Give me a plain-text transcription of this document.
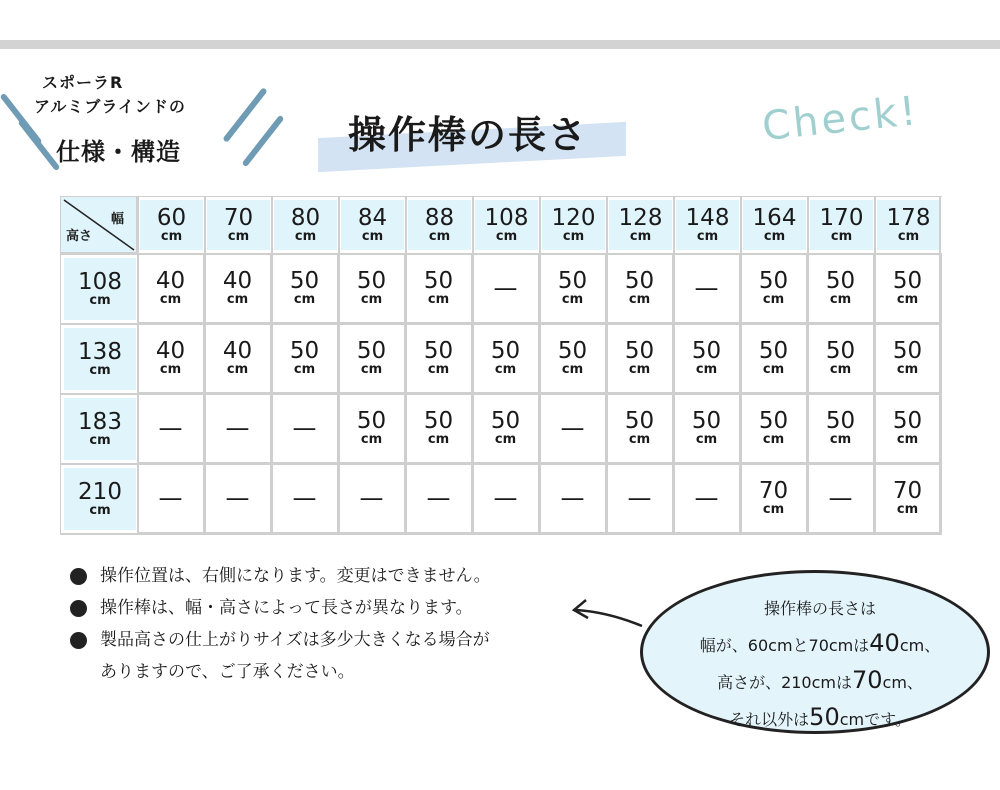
スポーラR
アルミブラインドの
仕様・構造	操作棒の長さ	Check!
幅
高さ
60
cm
70
cm
80
cm
84
cm
88
cm
108
cm
120
cm
128
cm
148
cm
164
cm
170
cm
178
cm
108
cm
40
cm
40
cm
50
cm
50
cm
50
cm — 50
cm
50
cm — 50
cm
50
cm
50
cm
138
cm
40
cm
40
cm
50
cm
50
cm
50
cm
50
cm
50
cm
50
cm
50
cm
50
cm
50
cm
50
cm
183
cm — — — 50
cm
50
cm
50
cm — 50
cm
50
cm
50
cm
50
cm
50
cm
210
cm — — — — — — — — — 70
cm — 70
cm
操作位置は、右側になります。変更はできません。
操作棒は、幅・高さによって長さが異なります。
製品高さの仕上がりサイズは多少大きくなる場合が
ありますので、ご了承ください。
操作棒の長さは
幅が、60cmと70cmは40cm、
高さが、210cmは70cm、
それ以外は50cmです。
